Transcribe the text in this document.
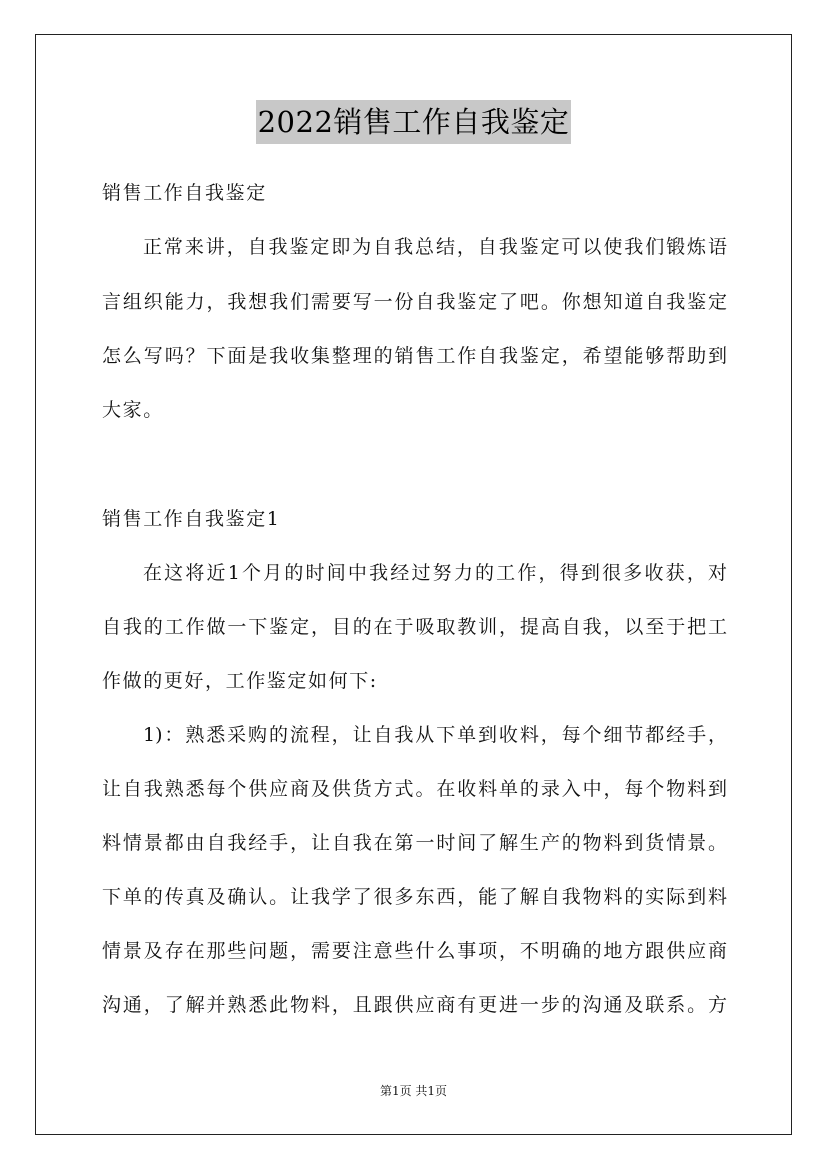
2022销售工作自我鉴定
销售工作自我鉴定
正常来讲，自我鉴定即为自我总结，自我鉴定可以使我们锻炼语
言组织能力，我想我们需要写一份自我鉴定了吧。你想知道自我鉴定
怎么写吗？下面是我收集整理的销售工作自我鉴定，希望能够帮助到
大家。
销售工作自我鉴定1
在这将近1个月的时间中我经过努力的工作，得到很多收获，对
自我的工作做一下鉴定，目的在于吸取教训，提高自我，以至于把工
作做的更好，工作鉴定如何下:
1)：熟悉采购的流程，让自我从下单到收料，每个细节都经手，
让自我熟悉每个供应商及供货方式。在收料单的录入中，每个物料到
料情景都由自我经手，让自我在第一时间了解生产的物料到货情景。
下单的传真及确认。让我学了很多东西，能了解自我物料的实际到料
情景及存在那些问题，需要注意些什么事项，不明确的地方跟供应商
沟通，了解并熟悉此物料，且跟供应商有更进一步的沟通及联系。方
第1页 共1页
